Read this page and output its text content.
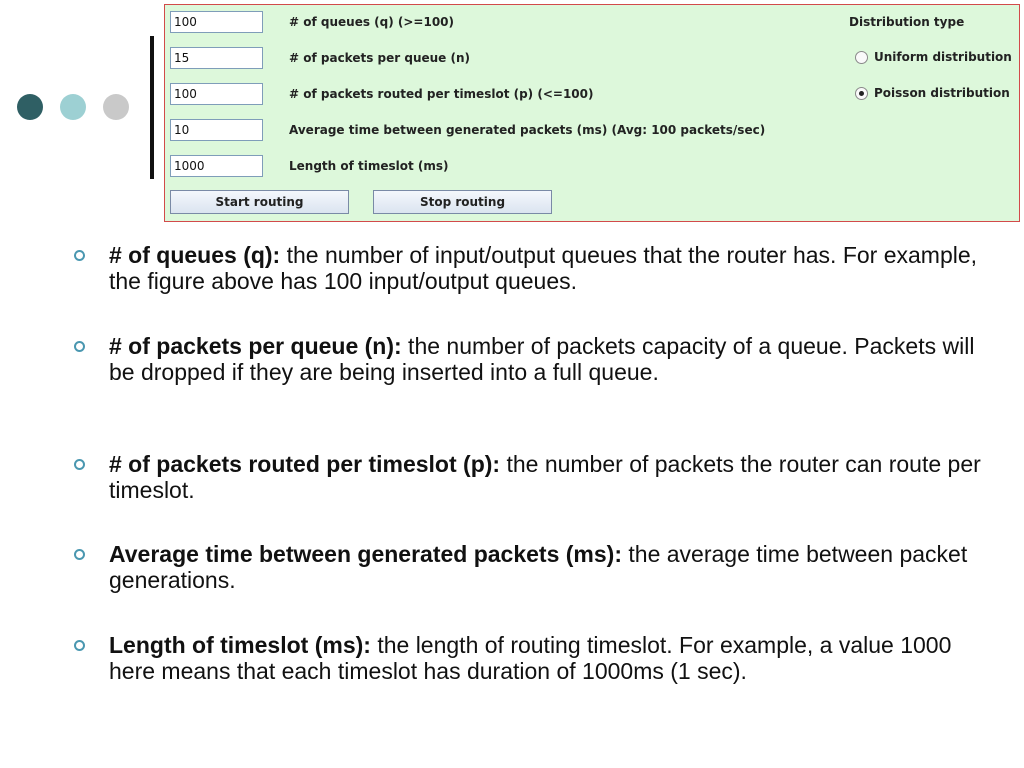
100
# of queues (q) (>=100)
15
# of packets per queue (n)
100
# of packets routed per timeslot (p) (<=100)
10
Average time between generated packets (ms) (Avg: 100 packets/sec)
1000
Length of timeslot (ms)
Distribution type
Uniform distribution
Poisson distribution
Start routing	Stop routing
# of queues (q): the number of input/output queues that the router has. For example, the figure above has 100 input/output queues.
# of packets per queue (n): the number of packets capacity of a queue. Packets will be dropped if they are being inserted into a full queue.
# of packets routed per timeslot (p): the number of packets the router can route per timeslot.
Average time between generated packets (ms): the average time between packet generations.
Length of timeslot (ms): the length of routing timeslot. For example, a value 1000 here means that each timeslot has duration of 1000ms (1 sec).
